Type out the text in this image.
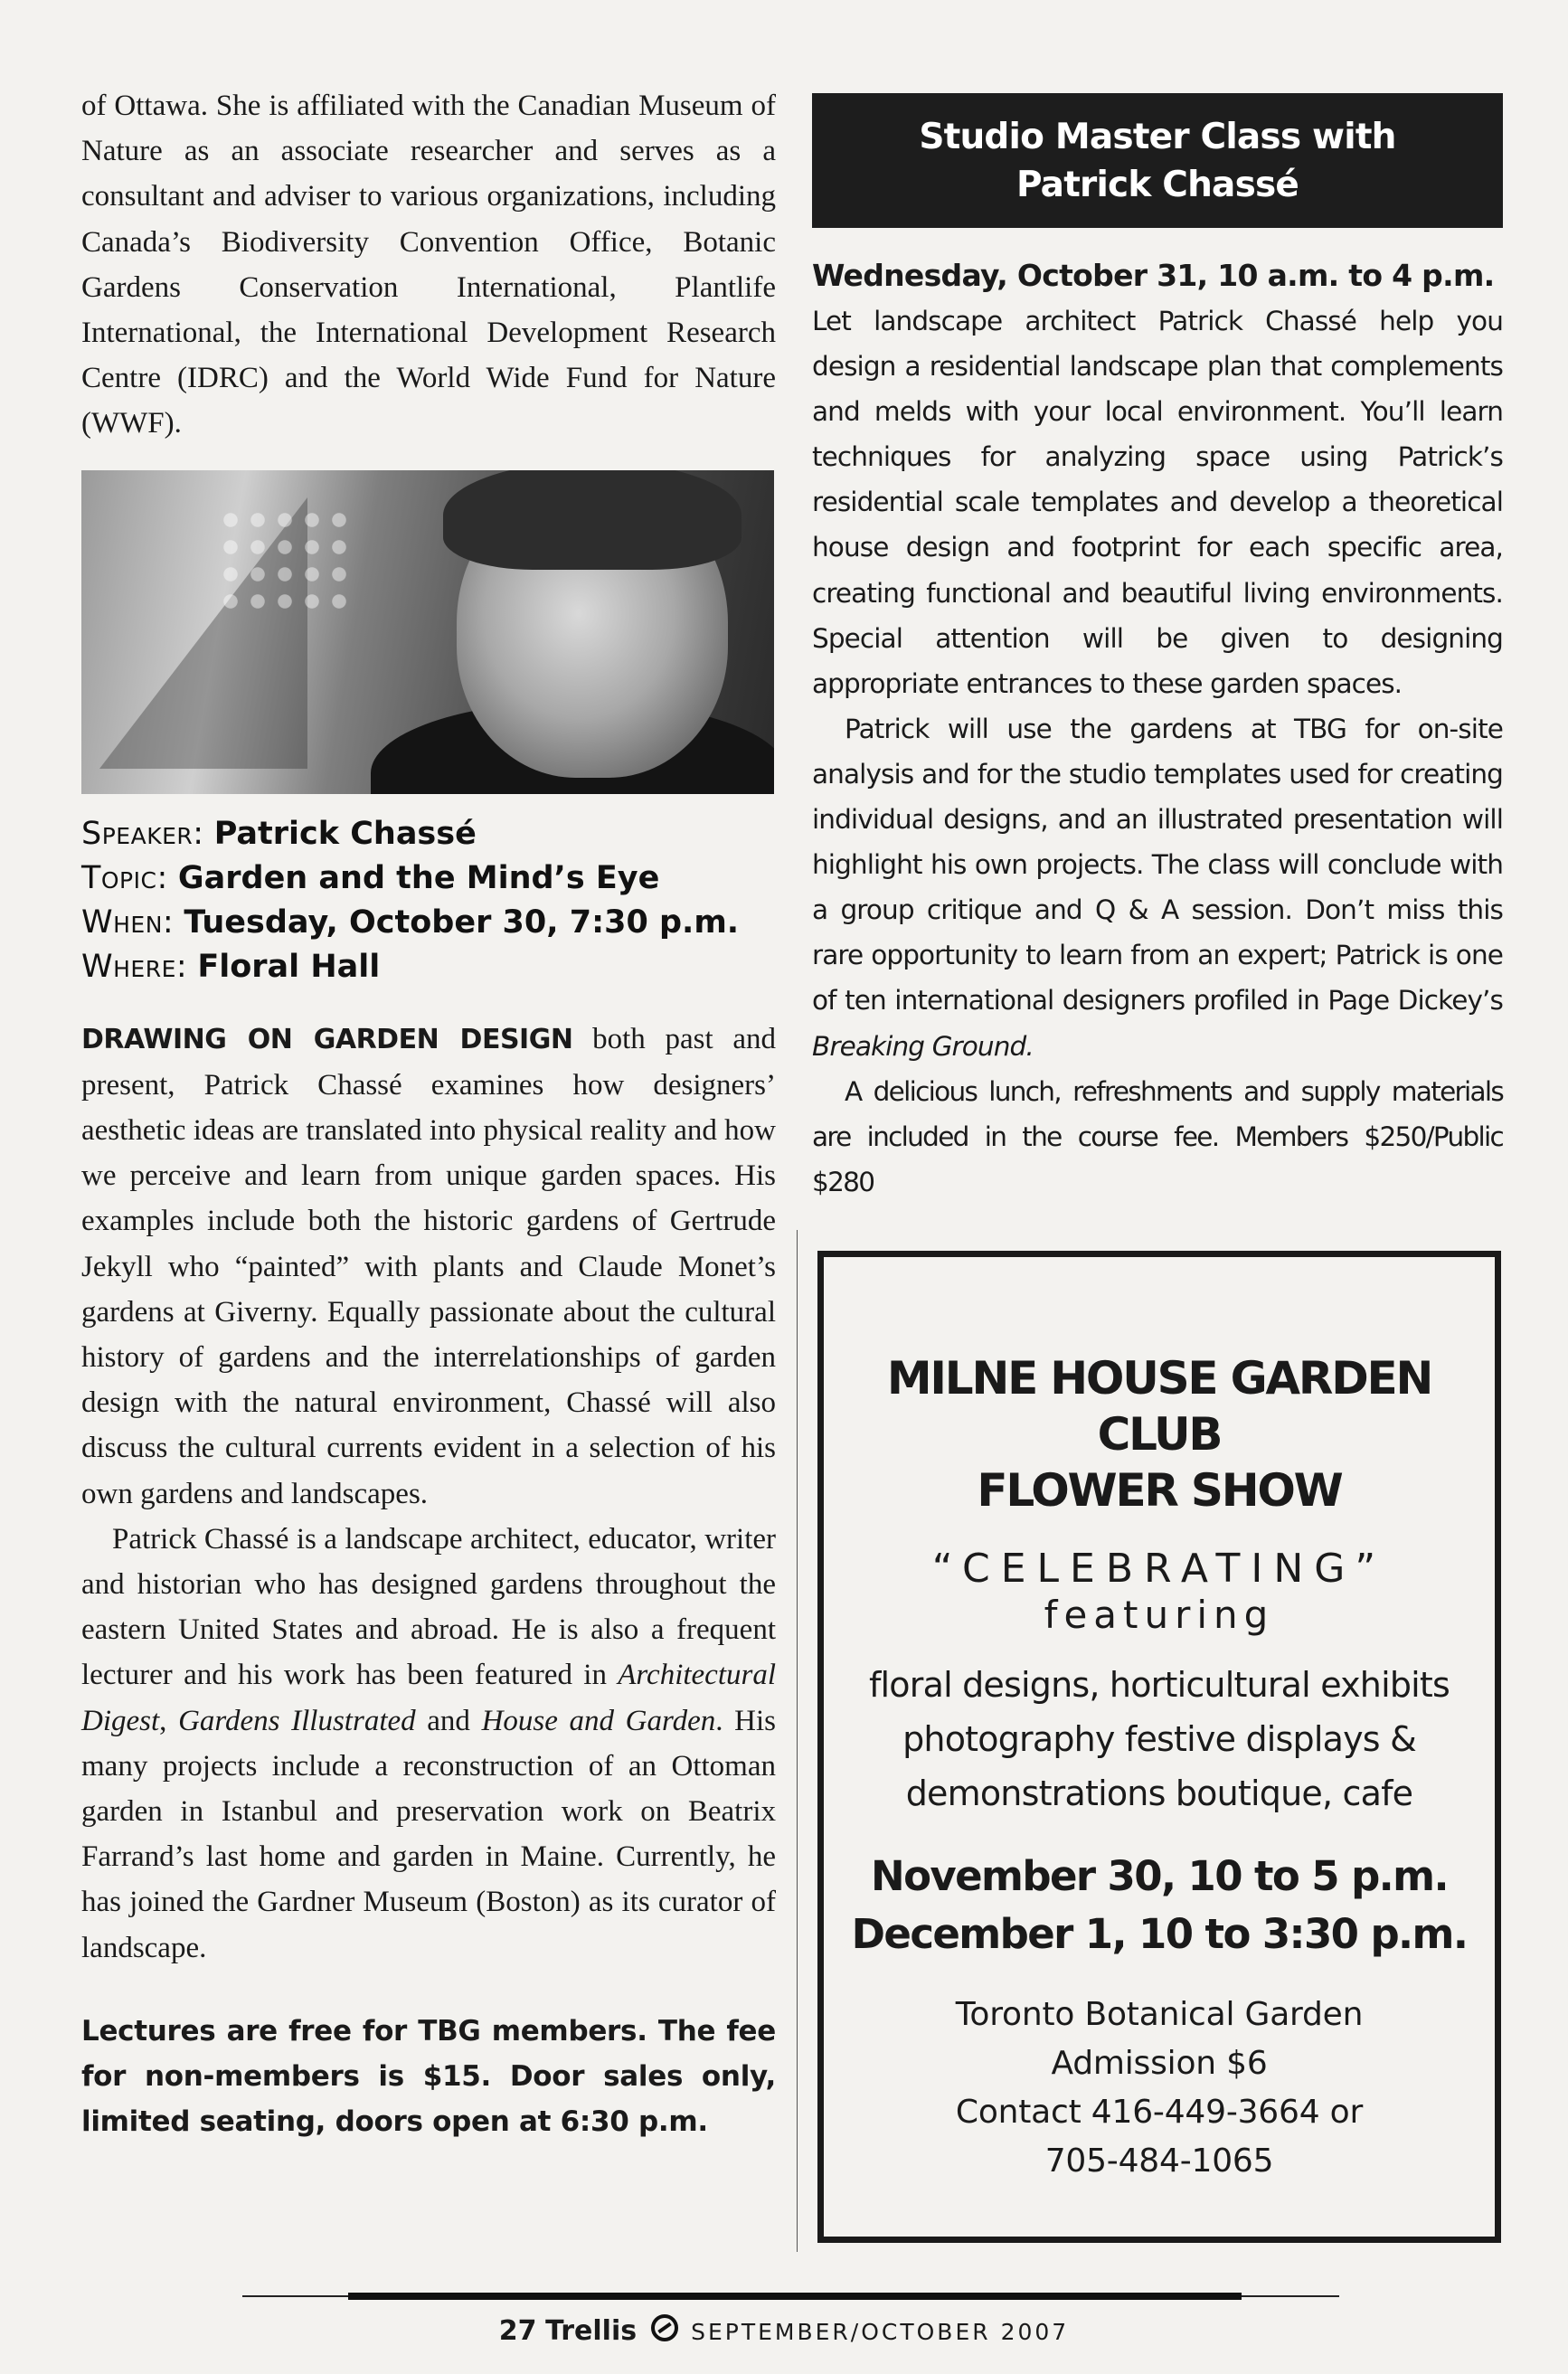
of Ottawa. She is affiliated with the Canadian Museum of Nature as an associate researcher and serves as a consultant and adviser to various organizations, including Canada’s Biodiversity Convention Office, Botanic Gardens Conservation International, Plantlife International, the International Development Research Centre (IDRC) and the World Wide Fund for Nature (WWF).

Speaker: Patrick Chassé
Topic: Garden and the Mind’s Eye
When: Tuesday, October 30, 7:30 p.m.
Where: Floral Hall

DRAWING ON GARDEN DESIGN both past and present, Patrick Chassé examines how designers’ aesthetic ideas are translated into physical reality and how we perceive and learn from unique garden spaces. His examples include both the historic gardens of Gertrude Jekyll who “painted” with plants and Claude Monet’s gardens at Giverny. Equally passionate about the cultural history of gardens and the interrelationships of garden design with the natural environment, Chassé will also discuss the cultural currents evident in a selection of his own gardens and landscapes.

Patrick Chassé is a landscape architect, educator, writer and historian who has designed gardens throughout the eastern United States and abroad. He is also a frequent lecturer and his work has been featured in Architectural Digest, Gardens Illustrated and House and Garden. His many projects include a reconstruction of an Ottoman garden in Istanbul and preservation work on Beatrix Farrand’s last home and garden in Maine. Currently, he has joined the Gardner Museum (Boston) as its curator of landscape.

Lectures are free for TBG members. The fee for non-members is $15. Door sales only, limited seating, doors open at 6:30 p.m.
Studio Master Class with
Patrick Chassé
Wednesday, October 31, 10 a.m. to 4 p.m.

Let landscape architect Patrick Chassé help you design a residential landscape plan that complements and melds with your local environment. You’ll learn techniques for analyzing space using Patrick’s residential scale templates and develop a theoretical house design and footprint for each specific area, creating functional and beautiful living environments. Special attention will be given to designing appropriate entrances to these garden spaces.

Patrick will use the gardens at TBG for on-site analysis and for the studio templates used for creating individual designs, and an illustrated presentation will highlight his own projects. The class will conclude with a group critique and Q & A session. Don’t miss this rare opportunity to learn from an expert; Patrick is one of ten international designers profiled in Page Dickey’s Breaking Ground.

A delicious lunch, refreshments and supply materials are included in the course fee. Members $250/Public $280

MILNE HOUSE GARDEN CLUB
FLOWER SHOW
“CELEBRATING”
featuring
floral designs, horticultural exhibits
photography festive displays &
demonstrations boutique, cafe
November 30, 10 to 5 p.m.
December 1, 10 to 3:30 p.m.
Toronto Botanical Garden
Admission $6
Contact 416-449-3664 or
705-484-1065
27 Trellis SEPTEMBER/OCTOBER 2007
